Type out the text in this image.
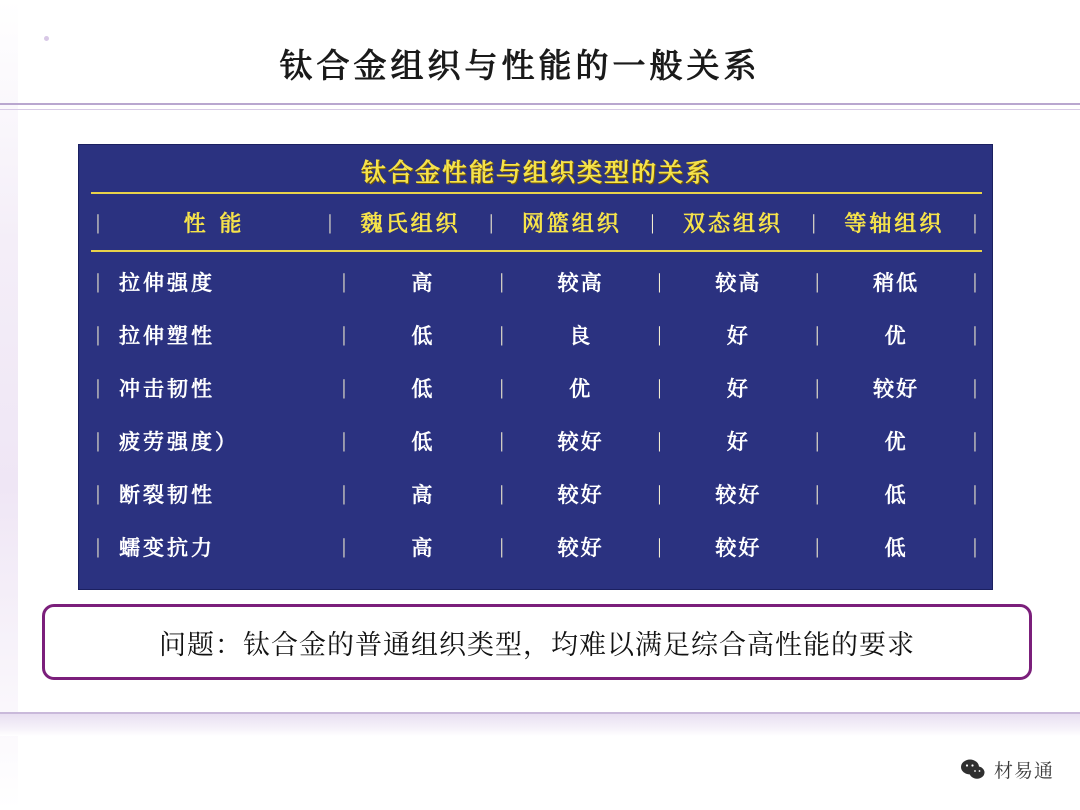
钛合金组织与性能的一般关系
钛合金性能与组织类型的关系
|	性 能	|	魏氏组织	|	网篮组织	|	双态组织	|	等轴组织	|
| 拉伸强度	|	高	|	较高	|	较高	|	稍低	|
| 拉伸塑性	|	低	|	良	|	好	|	优	|
| 冲击韧性	|	低	|	优	|	好	|	较好	|
| 疲劳强度）	|	低	|	较好	|	好	|	优	|
| 断裂韧性	|	高	|	较好	|	较好	|	低	|
| 蠕变抗力	|	高	|	较好	|	较好	|	低	|
问题：钛合金的普通组织类型，均难以满足综合高性能的要求
材易通
